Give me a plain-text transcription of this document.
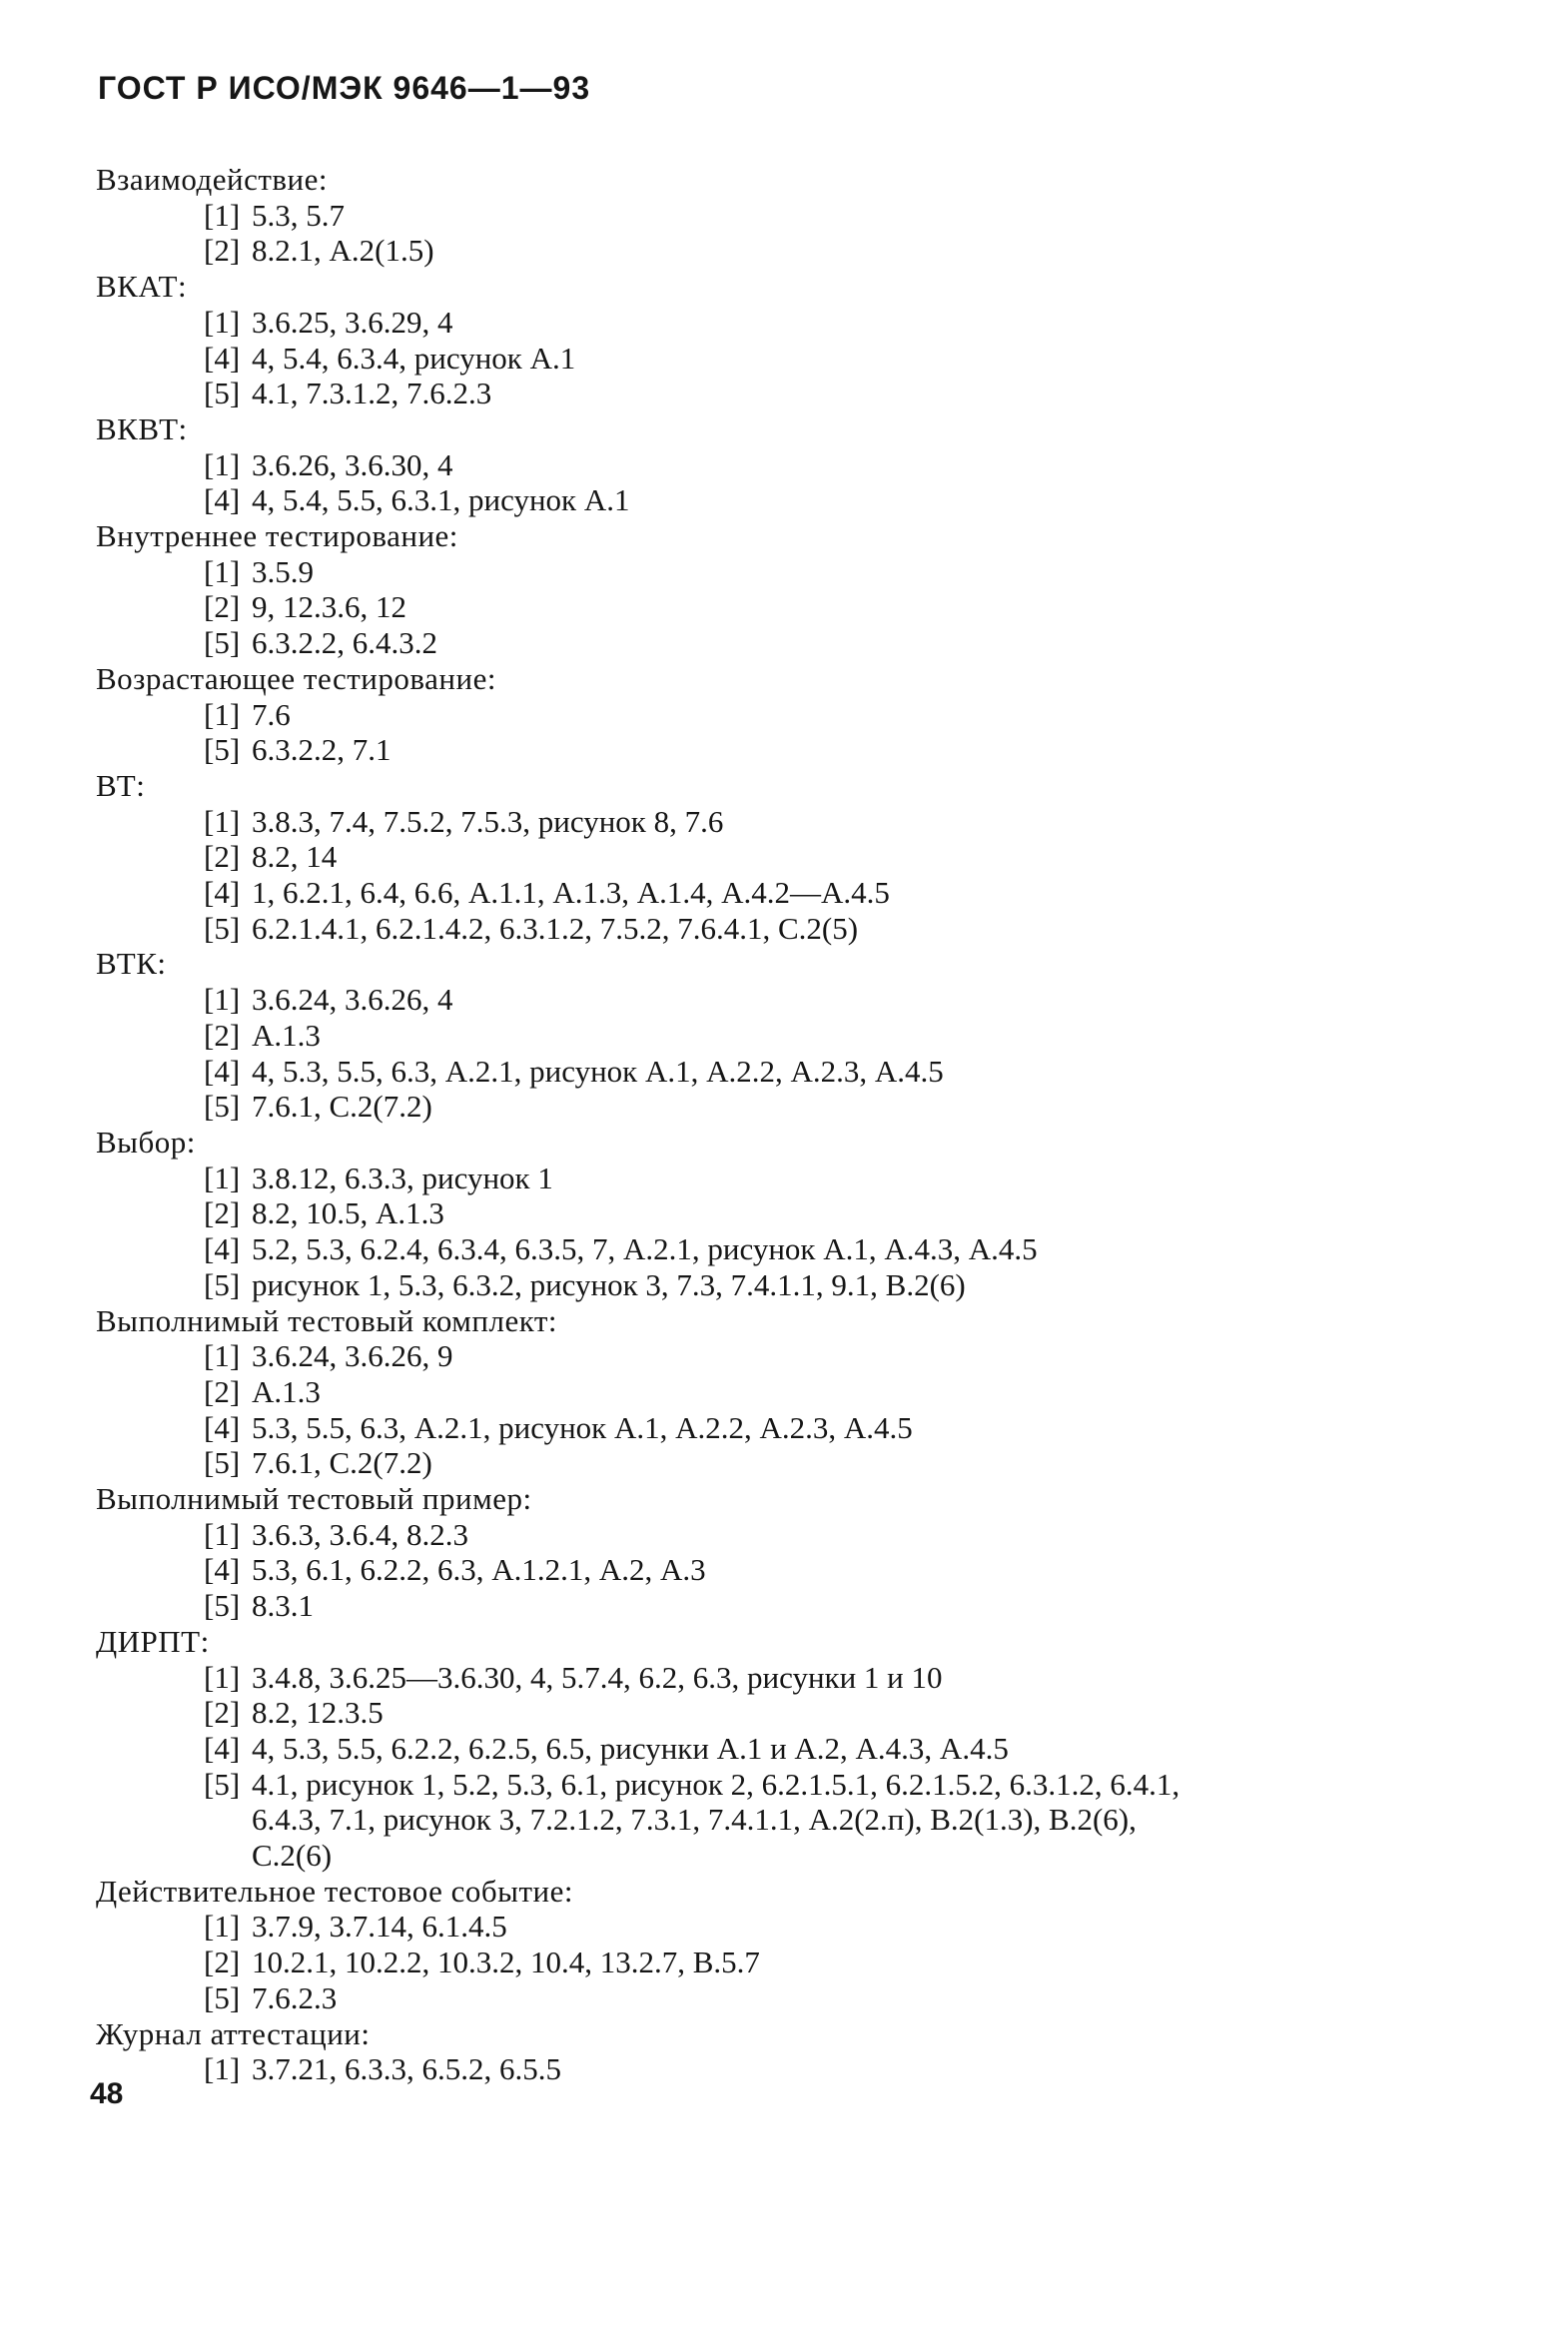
ГОСТ Р ИСО/МЭК 9646—1—93
Взаимодействие:
[1] 5.3, 5.7
[2] 8.2.1, А.2(1.5)
ВКАТ:
[1] 3.6.25, 3.6.29, 4
[4] 4, 5.4, 6.3.4, рисунок А.1
[5] 4.1, 7.3.1.2, 7.6.2.3
ВКВТ:
[1] 3.6.26, 3.6.30, 4
[4] 4, 5.4, 5.5, 6.3.1, рисунок А.1
Внутреннее тестирование:
[1] 3.5.9
[2] 9, 12.3.6, 12
[5] 6.3.2.2, 6.4.3.2
Возрастающее тестирование:
[1] 7.6
[5] 6.3.2.2, 7.1
ВТ:
[1] 3.8.3, 7.4, 7.5.2, 7.5.3, рисунок 8, 7.6
[2] 8.2, 14
[4] 1, 6.2.1, 6.4, 6.6, А.1.1, А.1.3, А.1.4, А.4.2—А.4.5
[5] 6.2.1.4.1, 6.2.1.4.2, 6.3.1.2, 7.5.2, 7.6.4.1, С.2(5)
ВТК:
[1] 3.6.24, 3.6.26, 4
[2] А.1.3
[4] 4, 5.3, 5.5, 6.3, А.2.1, рисунок А.1, А.2.2, А.2.3, А.4.5
[5] 7.6.1, С.2(7.2)
Выбор:
[1] 3.8.12, 6.3.3, рисунок 1
[2] 8.2, 10.5, А.1.3
[4] 5.2, 5.3, 6.2.4, 6.3.4, 6.3.5, 7, А.2.1, рисунок А.1, А.4.3, А.4.5
[5] рисунок 1, 5.3, 6.3.2, рисунок 3, 7.3, 7.4.1.1, 9.1, В.2(6)
Выполнимый тестовый комплект:
[1] 3.6.24, 3.6.26, 9
[2] А.1.3
[4] 5.3, 5.5, 6.3, А.2.1, рисунок А.1, А.2.2, А.2.3, А.4.5
[5] 7.6.1, С.2(7.2)
Выполнимый тестовый пример:
[1] 3.6.3, 3.6.4, 8.2.3
[4] 5.3, 6.1, 6.2.2, 6.3, А.1.2.1, А.2, А.3
[5] 8.3.1
ДИРПТ:
[1] 3.4.8, 3.6.25—3.6.30, 4, 5.7.4, 6.2, 6.3, рисунки 1 и 10
[2] 8.2, 12.3.5
[4] 4, 5.3, 5.5, 6.2.2, 6.2.5, 6.5, рисунки А.1 и А.2, А.4.3, А.4.5
[5] 4.1, рисунок 1, 5.2, 5.3, 6.1, рисунок 2, 6.2.1.5.1, 6.2.1.5.2, 6.3.1.2, 6.4.1,
6.4.3, 7.1, рисунок 3, 7.2.1.2, 7.3.1, 7.4.1.1, А.2(2.п), В.2(1.3), В.2(6),
С.2(6)
Действительное тестовое событие:
[1] 3.7.9, 3.7.14, 6.1.4.5
[2] 10.2.1, 10.2.2, 10.3.2, 10.4, 13.2.7, В.5.7
[5] 7.6.2.3
Журнал аттестации:
[1] 3.7.21, 6.3.3, 6.5.2, 6.5.5
48
